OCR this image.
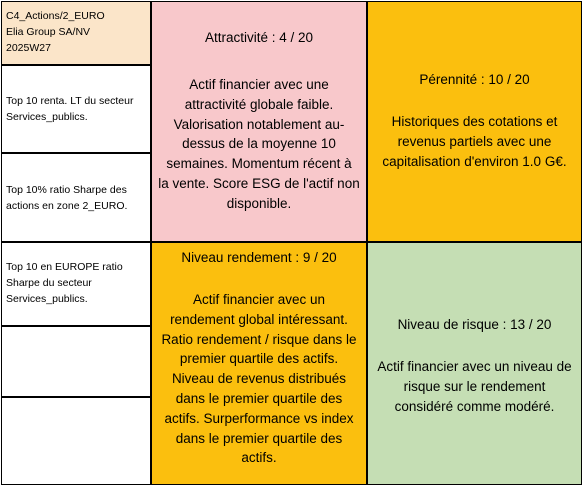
C4_Actions/2_EURO
Elia Group SA/NV
2025W27
Top 10 renta. LT du secteur
Services_publics.
Top 10% ratio Sharpe des
actions en zone 2_EURO.
Top 10 en EUROPE ratio
Sharpe du secteur
Services_publics.
Attractivité : 4 / 20
Actif financier avec une
attractivité globale faible.
Valorisation notablement au-
dessus de la moyenne 10
semaines. Momentum récent à
la vente. Score ESG de l'actif non
disponible.
Pérennité : 10 / 20
Historiques des cotations et
revenus partiels avec une
capitalisation d'environ 1.0 G€.
Niveau rendement : 9 / 20
Actif financier avec un
rendement global intéressant.
Ratio rendement / risque dans le
premier quartile des actifs.
Niveau de revenus distribués
dans le premier quartile des
actifs. Surperformance vs index
dans le premier quartile des
actifs.
Niveau de risque : 13 / 20
Actif financier avec un niveau de
risque sur le rendement
considéré comme modéré.
